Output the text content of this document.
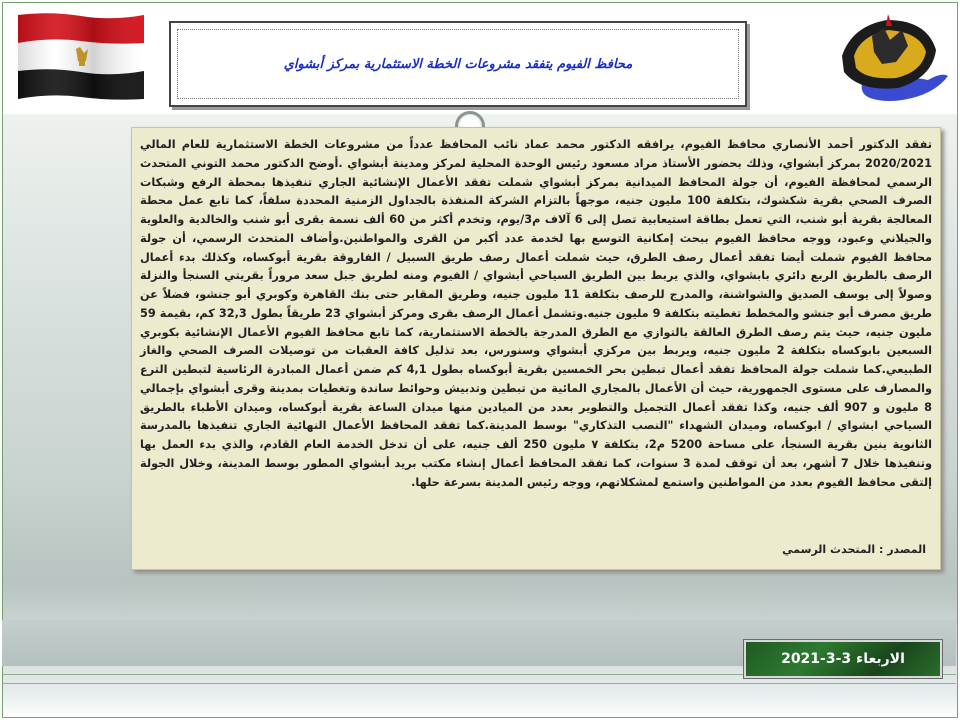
محافظ الفيوم يتفقد مشروعات الخطة الاستثمارية بمركز أبشواي
تفقد الدكتور أحمد الأنصاري محافظ الفيوم، يرافقه الدكتور محمد عماد نائب المحافظ عدداً من مشروعات الخطة الاستثمارية للعام المالي 2020/2021 بمركز أبشواي، وذلك بحضور الأستاذ مراد مسعود رئيس الوحدة المحلية لمركز ومدينة أبشواي .أوضح الدكتور محمد التوني المتحدث الرسمي لمحافظة الفيوم، أن جولة المحافظ الميدانية بمركز أبشواي شملت تفقد الأعمال الإنشائية الجاري تنفيذها بمحطة الرفع وشبكات الصرف الصحي بقرية شكشوك، بتكلفة 100 مليون جنيه، موجهاً بالتزام الشركة المنفذة بالجداول الزمنية المحددة سلفاً، كما تابع عمل محطة المعالجة بقرية أبو شنب، التي تعمل بطاقة استيعابية تصل إلى 6 آلاف م3/يوم، وتخدم أكثر من 60 ألف نسمة بقرى أبو شنب والخالدية والعلوية والجيلاني وعبود، ووجه محافظ الفيوم ببحث إمكانية التوسع بها لخدمة عدد أكبر من القرى والمواطنين.وأضاف المتحدث الرسمي، أن جولة محافظ الفيوم شملت أيضا تفقد أعمال رصف الطرق، حيث شملت أعمال رصف طريق السبيل / الفاروقة بقرية أبوكساه، وكذلك بدء أعمال الرصف بالطريق الربع دائري بابشواي، والذي يربط بين الطريق السياحي أبشواي / الفيوم ومنه لطريق جبل سعد مروراً بقريتي السنجأ والنزلة وصولاً إلى يوسف الصديق والشواشنة، والمدرج للرصف بتكلفة 11 مليون جنيه، وطريق المقابر حتى بنك القاهرة وكوبري أبو جنشو، فضلاً عن طريق مصرف أبو جنشو والمخطط تغطيته بتكلفة 9 مليون جنيه.وتشمل أعمال الرصف بقرى ومركز أبشواي 23 طريقاً بطول 32,3 كم، بقيمة 59 مليون جنيه، حيث يتم رصف الطرق العالقة بالتوازي مع الطرق المدرجة بالخطة الاستثمارية، كما تابع محافظ الفيوم الأعمال الإنشائية بكوبري السبعين بابوكساه بتكلفة 2 مليون جنيه، ويربط بين مركزي أبشواي وسنورس، بعد تذليل كافة العقبات من توصيلات الصرف الصحي والغاز الطبيعي.كما شملت جولة المحافظ تفقد أعمال تبطين بحر الخمسين بقرية أبوكساه بطول 4,1 كم ضمن أعمال المبادرة الرئاسية لتبطين الترع والمصارف على مستوى الجمهورية، حيث أن الأعمال بالمجاري المائية من تبطين وتدبيش وحوائط ساندة وتغطيات بمدينة وقرى أبشواي بإجمالي 8 مليون و 907 ألف جنيه، وكذا تفقد أعمال التجميل والتطوير بعدد من الميادين منها ميدان الساعة بقرية أبوكساه، وميدان الأطباء بالطريق السياحي ابشواي / ابوكساه، وميدان الشهداء "النصب التذكاري" بوسط المدينة.كما تفقد المحافظ الأعمال النهائية الجاري تنفيذها بالمدرسة الثانوية بنين بقرية السنجأ، على مساحة 5200 م2، بتكلفة ٧ مليون 250 ألف جنيه، على أن تدخل الخدمة العام القادم، والذي بدء العمل بها وتنفيذها خلال 7 أشهر، بعد أن توقف لمدة 3 سنوات، كما تفقد المحافظ أعمال إنشاء مكتب بريد أبشواي المطور بوسط المدينة، وخلال الجولة إلتقى محافظ الفيوم بعدد من المواطنين واستمع لمشكلاتهم، ووجه رئيس المدينة بسرعة حلها.
المصدر : المتحدث الرسمي
الاربعاء 3-3-2021
